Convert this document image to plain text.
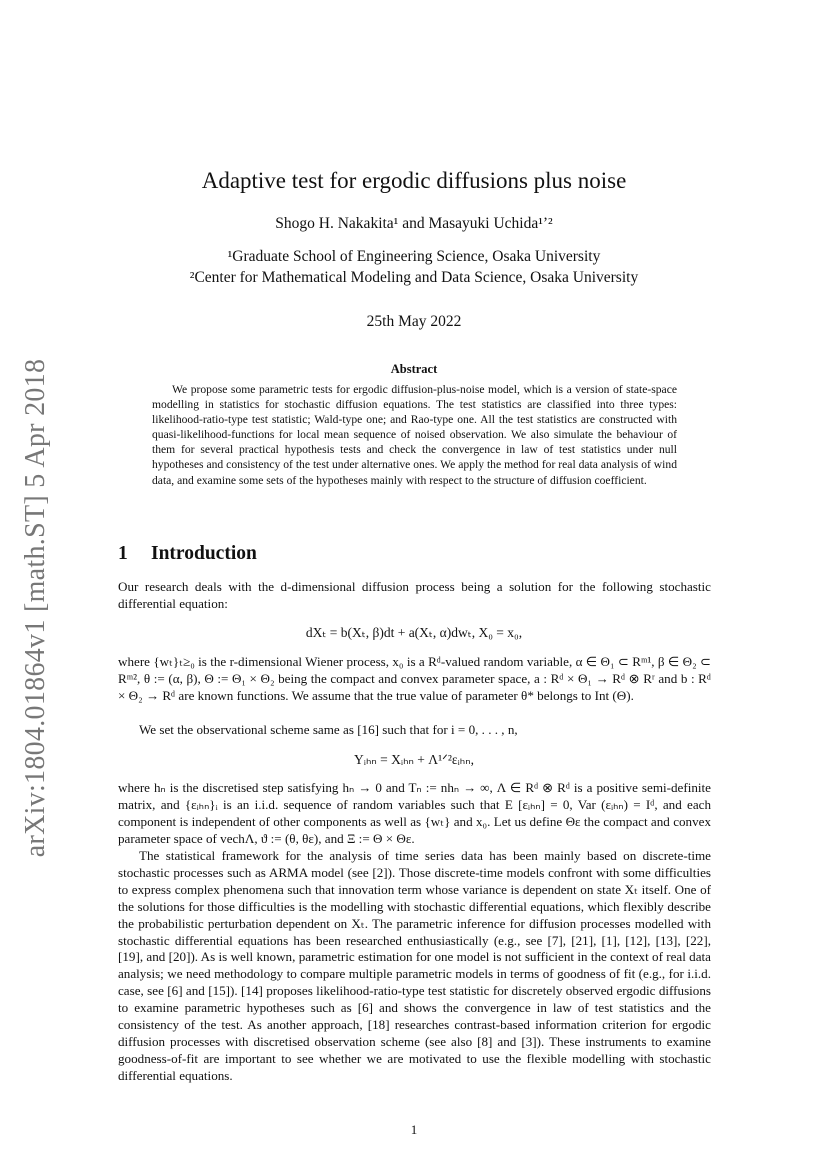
arXiv:1804.01864v1 [math.ST] 5 Apr 2018
Adaptive test for ergodic diffusions plus noise
Shogo H. Nakakita¹ and Masayuki Uchida¹ʼ²
¹Graduate School of Engineering Science, Osaka University
²Center for Mathematical Modeling and Data Science, Osaka University
25th May 2022
Abstract

We propose some parametric tests for ergodic diffusion-plus-noise model, which is a version of state-space modelling in statistics for stochastic diffusion equations. The test statistics are classified into three types: likelihood-ratio-type test statistic; Wald-type one; and Rao-type one. All the test statistics are constructed with quasi-likelihood-functions for local mean sequence of noised observation. We also simulate the behaviour of them for several practical hypothesis tests and check the convergence in law of test statistics under null hypotheses and consistency of the test under alternative ones. We apply the method for real data analysis of wind data, and examine some sets of the hypotheses mainly with respect to the structure of diffusion coefficient.

1 Introduction

Our research deals with the d-dimensional diffusion process being a solution for the following stochastic differential equation:

dXₜ = b(Xₜ, β)dt + a(Xₜ, α)dwₜ, X₀ = x₀,

where {wₜ}ₜ≥₀ is the r-dimensional Wiener process, x₀ is a Rᵈ-valued random variable, α ∈ Θ₁ ⊂ Rᵐ¹, β ∈ Θ₂ ⊂ Rᵐ², θ := (α, β), Θ := Θ₁ × Θ₂ being the compact and convex parameter space, a : Rᵈ × Θ₁ → Rᵈ ⊗ Rʳ and b : Rᵈ × Θ₂ → Rᵈ are known functions. We assume that the true value of parameter θ* belongs to Int (Θ).

We set the observational scheme same as [16] such that for i = 0, . . . , n,

Yᵢₕₙ = Xᵢₕₙ + Λ¹ᐟ²εᵢₕₙ,

where hₙ is the discretised step satisfying hₙ → 0 and Tₙ := nhₙ → ∞, Λ ∈ Rᵈ ⊗ Rᵈ is a positive semi-definite matrix, and {εᵢₕₙ}ᵢ is an i.i.d. sequence of random variables such that E [εᵢₕₙ] = 0, Var (εᵢₕₙ) = Iᵈ, and each component is independent of other components as well as {wₜ} and x₀. Let us define Θε the compact and convex parameter space of vechΛ, ϑ := (θ, θε), and Ξ := Θ × Θε.

The statistical framework for the analysis of time series data has been mainly based on discrete-time stochastic processes such as ARMA model (see [2]). Those discrete-time models confront with some difficulties to express complex phenomena such that innovation term whose variance is dependent on state Xₜ itself. One of the solutions for those difficulties is the modelling with stochastic differential equations, which flexibly describe the probabilistic perturbation dependent on Xₜ. The parametric inference for diffusion processes modelled with stochastic differential equations has been researched enthusiastically (e.g., see [7], [21], [1], [12], [13], [22], [19], and [20]). As is well known, parametric estimation for one model is not sufficient in the context of real data analysis; we need methodology to compare multiple parametric models in terms of goodness of fit (e.g., for i.i.d. case, see [6] and [15]). [14] proposes likelihood-ratio-type test statistic for discretely observed ergodic diffusions to examine parametric hypotheses such as [6] and shows the convergence in law of test statistics and the consistency of the test. As another approach, [18] researches contrast-based information criterion for ergodic diffusion processes with discretised observation scheme (see also [8] and [3]). These instruments to examine goodness-of-fit are important to see whether we are motivated to use the flexible modelling with stochastic differential equations.

1
